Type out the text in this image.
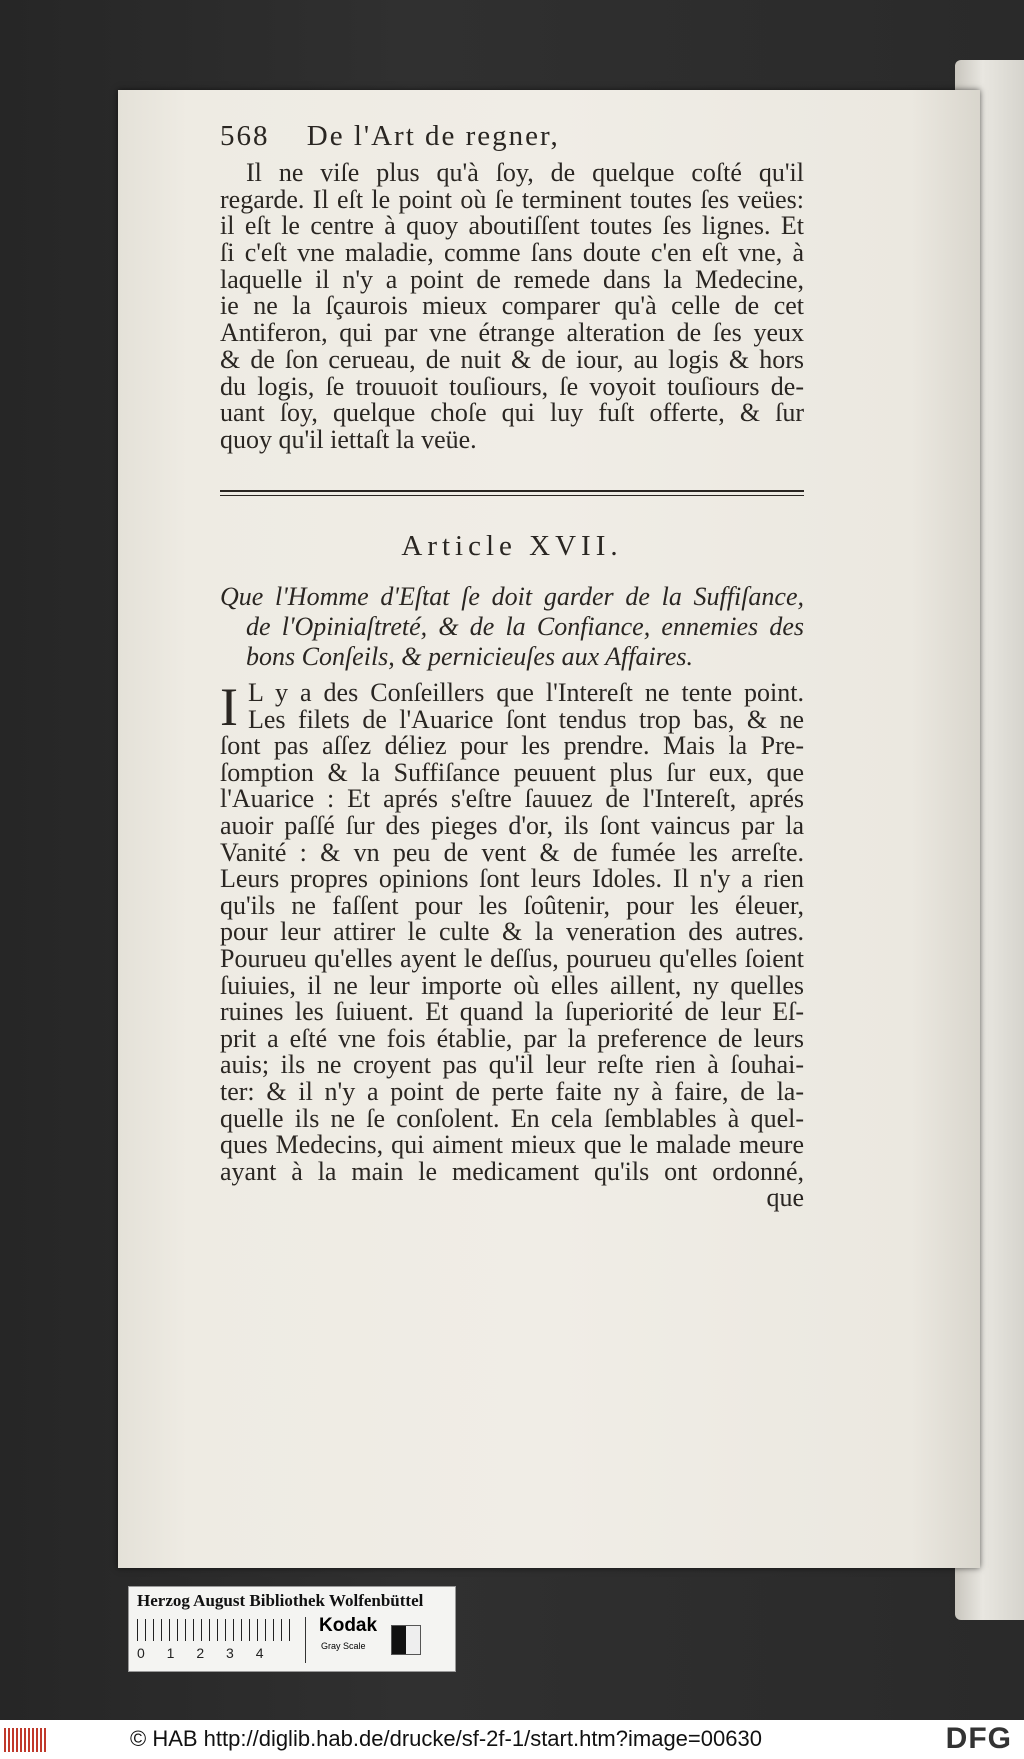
568 De l'Art de regner,
Il ne viſe plus qu'à ſoy, de quelque coſté qu'il
regarde. Il eſt le point où ſe terminent toutes ſes veües:
il eſt le centre à quoy aboutiſſent toutes ſes lignes. Et
ſi c'eſt vne maladie, comme ſans doute c'en eſt vne, à
laquelle il n'y a point de remede dans la Medecine,
ie ne la ſçaurois mieux comparer qu'à celle de cet
Antiferon, qui par vne étrange alteration de ſes yeux
& de ſon cerueau, de nuit & de iour, au logis & hors
du logis, ſe trouuoit touſiours, ſe voyoit touſiours de-
uant ſoy, quelque choſe qui luy fuſt offerte, & ſur
quoy qu'il iettaſt la veüe.
Article XVII.
Que l'Homme d'Eſtat ſe doit garder de la Suffiſance,
de l'Opiniaſtreté, & de la Confiance, ennemies des
bons Conſeils, & pernicieuſes aux Affaires.
I L y a des Conſeillers que l'Intereſt ne tente point.
Les filets de l'Auarice ſont tendus trop bas, & ne
ſont pas aſſez déliez pour les prendre. Mais la Pre-
ſomption & la Suffiſance peuuent plus ſur eux, que
l'Auarice : Et aprés s'eſtre ſauuez de l'Intereſt, aprés
auoir paſſé ſur des pieges d'or, ils ſont vaincus par la
Vanité : & vn peu de vent & de fumée les arreſte.
Leurs propres opinions ſont leurs Idoles. Il n'y a rien
qu'ils ne faſſent pour les ſoûtenir, pour les éleuer,
pour leur attirer le culte & la veneration des autres.
Pourueu qu'elles ayent le deſſus, pourueu qu'elles ſoient
ſuiuies, il ne leur importe où elles aillent, ny quelles
ruines les ſuiuent. Et quand la ſuperiorité de leur Eſ-
prit a eſté vne fois établie, par la preference de leurs
auis; ils ne croyent pas qu'il leur reſte rien à ſouhai-
ter: & il n'y a point de perte faite ny à faire, de la-
quelle ils ne ſe conſolent. En cela ſemblables à quel-
ques Medecins, qui aiment mieux que le malade meure
ayant à la main le medicament qu'ils ont ordonné,
que
Herzog August Bibliothek Wolfenbüttel
0 1 2 3 4
Kodak
Gray Scale
© HAB http://diglib.hab.de/drucke/sf-2f-1/start.htm?image=00630	DFG
